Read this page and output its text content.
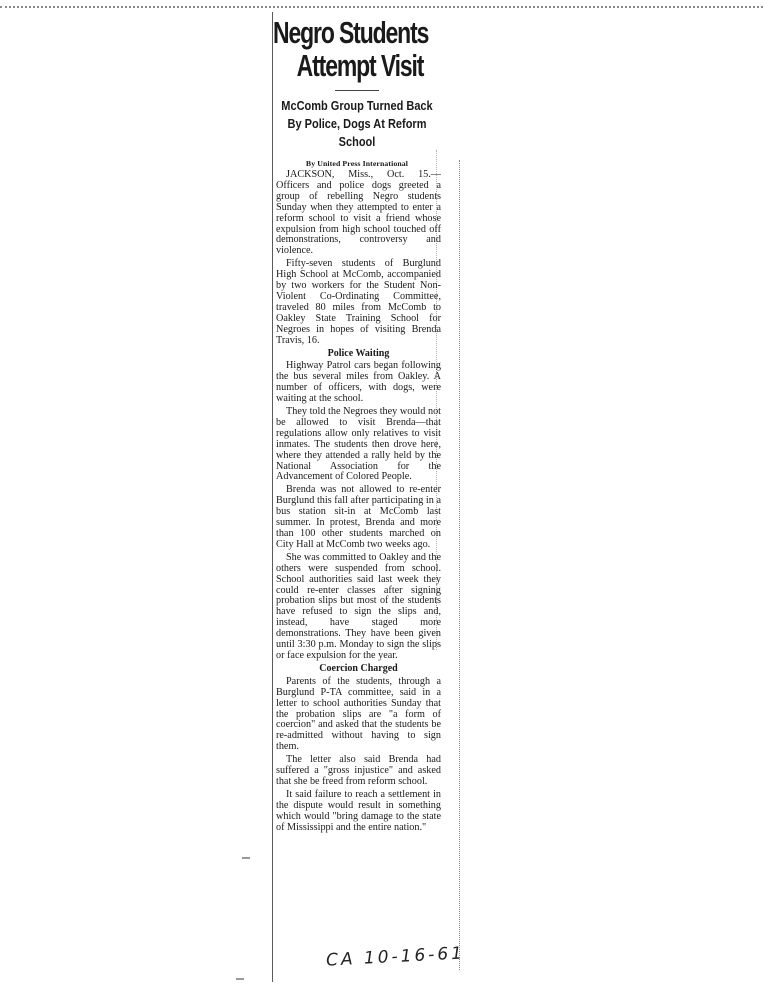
Negro Students
Attempt Visit
McComb Group Turned Back By Police, Dogs At Reform School
By United Press International

JACKSON, Miss., Oct. 15.— Officers and police dogs greeted a group of rebelling Negro students Sunday when they attempted to enter a reform school to visit a friend whose expulsion from high school touched off demonstrations, controversy and violence.

Fifty-seven students of Burglund High School at McComb, accompanied by two workers for the Student Non-Violent Co-Ordinating Committee, traveled 80 miles from McComb to Oakley State Training School for Negroes in hopes of visiting Brenda Travis, 16.

Police Waiting

Highway Patrol cars began following the bus several miles from Oakley. A number of officers, with dogs, were waiting at the school.

They told the Negroes they would not be allowed to visit Brenda—that regulations allow only relatives to visit inmates. The students then drove here, where they attended a rally held by the National Association for the Advancement of Colored People.

Brenda was not allowed to re-enter Burglund this fall after participating in a bus station sit-in at McComb last summer. In protest, Brenda and more than 100 other students marched on City Hall at McComb two weeks ago.

She was committed to Oakley and the others were suspended from school. School authorities said last week they could re-enter classes after signing probation slips but most of the students have refused to sign the slips and, instead, have staged more demonstrations. They have been given until 3:30 p.m. Monday to sign the slips or face expulsion for the year.

Coercion Charged

Parents of the students, through a Burglund P-TA committee, said in a letter to school authorities Sunday that the probation slips are "a form of coercion" and asked that the students be re-admitted without having to sign them.

The letter also said Brenda had suffered a "gross injustice" and asked that she be freed from reform school.

It said failure to reach a settlement in the dispute would result in something which would "bring damage to the state of Mississippi and the entire nation."

CA 10-16-61
